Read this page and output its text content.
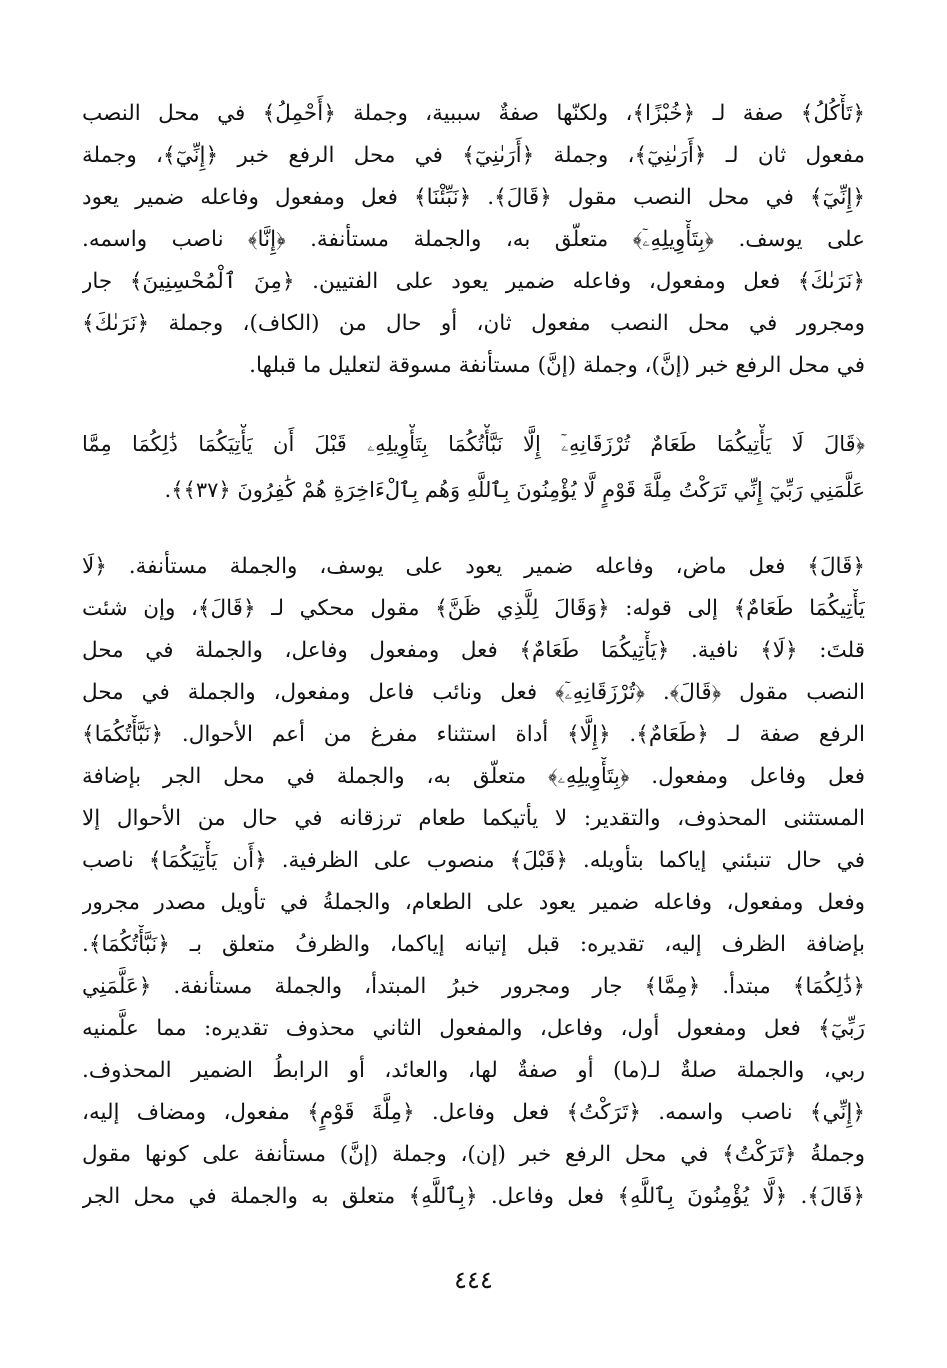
﴿تَأْكُلُ﴾ صفة لـ ﴿خُبْزًا﴾، ولكنّها صفةٌ سببية، وجملة ﴿أَحْمِلُ﴾ في محل النصب
مفعول ثان لـ ﴿أَرَىٰنِيٓ﴾، وجملة ﴿أَرَىٰنِيٓ﴾ في محل الرفع خبر ﴿إِنِّيٓ﴾، وجملة
﴿إِنِّيٓ﴾ في محل النصب مقول ﴿قَالَ﴾. ﴿نَبِّئْنَا﴾ فعل ومفعول وفاعله ضمير يعود
على يوسف. ﴿بِتَأْوِيلِهِۦٓ﴾ متعلّق به، والجملة مستأنفة. ﴿إِنَّا﴾ ناصب واسمه.
﴿نَرَىٰكَ﴾ فعل ومفعول، وفاعله ضمير يعود على الفتيين. ﴿مِنَ ٱلْمُحْسِنِينَ﴾ جار
ومجرور في محل النصب مفعول ثان، أو حال من (الكاف)، وجملة ﴿نَرَىٰكَ﴾
في محل الرفع خبر (إنَّ)، وجملة (إنَّ) مستأنفة مسوقة لتعليل ما قبلها.
﴿قَالَ لَا يَأْتِيكُمَا طَعَامٌ تُرْزَقَانِهِۦٓ إِلَّا نَبَّأْتُكُمَا بِتَأْوِيلِهِۦ قَبْلَ أَن يَأْتِيَكُمَا ذَٰلِكُمَا مِمَّا
عَلَّمَنِي رَبِّيٓ إِنِّي تَرَكْتُ مِلَّةَ قَوْمٍ لَّا يُؤْمِنُونَ بِٱللَّهِ وَهُم بِٱلْءَاخِرَةِ هُمْ كَٰفِرُونَ ﴿٣٧﴾﴾.
﴿قَالَ﴾ فعل ماض، وفاعله ضمير يعود على يوسف، والجملة مستأنفة. ﴿لَا
يَأْتِيكُمَا طَعَامٌ﴾ إلى قوله: ﴿وَقَالَ لِلَّذِي ظَنَّ﴾ مقول محكي لـ ﴿قَالَ﴾، وإن شئت
قلتَ: ﴿لَا﴾ نافية. ﴿يَأْتِيكُمَا طَعَامٌ﴾ فعل ومفعول وفاعل، والجملة في محل
النصب مقول ﴿قَالَ﴾. ﴿تُرْزَقَانِهِۦٓ﴾ فعل ونائب فاعل ومفعول، والجملة في محل
الرفع صفة لـ ﴿طَعَامٌ﴾. ﴿إِلَّا﴾ أداة استثناء مفرغ من أعم الأحوال. ﴿نَبَّأْتُكُمَا﴾
فعل وفاعل ومفعول. ﴿بِتَأْوِيلِهِۦ﴾ متعلّق به، والجملة في محل الجر بإضافة
المستثنى المحذوف، والتقدير: لا يأتيكما طعام ترزقانه في حال من الأحوال إلا
في حال تنبئني إياكما بتأويله. ﴿قَبْلَ﴾ منصوب على الظرفية. ﴿أَن يَأْتِيَكُمَا﴾ ناصب
وفعل ومفعول، وفاعله ضمير يعود على الطعام، والجملةُ في تأويل مصدر مجرور
بإضافة الظرف إليه، تقديره: قبل إتيانه إياكما، والظرفُ متعلق بـ ﴿نَبَّأْتُكُمَا﴾.
﴿ذَٰلِكُمَا﴾ مبتدأ. ﴿مِمَّا﴾ جار ومجرور خبرُ المبتدأ، والجملة مستأنفة. ﴿عَلَّمَنِي
رَبِّيٓ﴾ فعل ومفعول أول، وفاعل، والمفعول الثاني محذوف تقديره: مما علَّمنيه
ربي، والجملة صلةٌ لـ(ما) أو صفةٌ لها، والعائد، أو الرابطُ الضمير المحذوف.
﴿إِنِّي﴾ ناصب واسمه. ﴿تَرَكْتُ﴾ فعل وفاعل. ﴿مِلَّةَ قَوْمٍ﴾ مفعول، ومضاف إليه،
وجملةُ ﴿تَرَكْتُ﴾ في محل الرفع خبر (إن)، وجملة (إنَّ) مستأنفة على كونها مقول
﴿قَالَ﴾. ﴿لَّا يُؤْمِنُونَ بِٱللَّهِ﴾ فعل وفاعل. ﴿بِٱللَّهِ﴾ متعلق به والجملة في محل الجر
٤٤٤
